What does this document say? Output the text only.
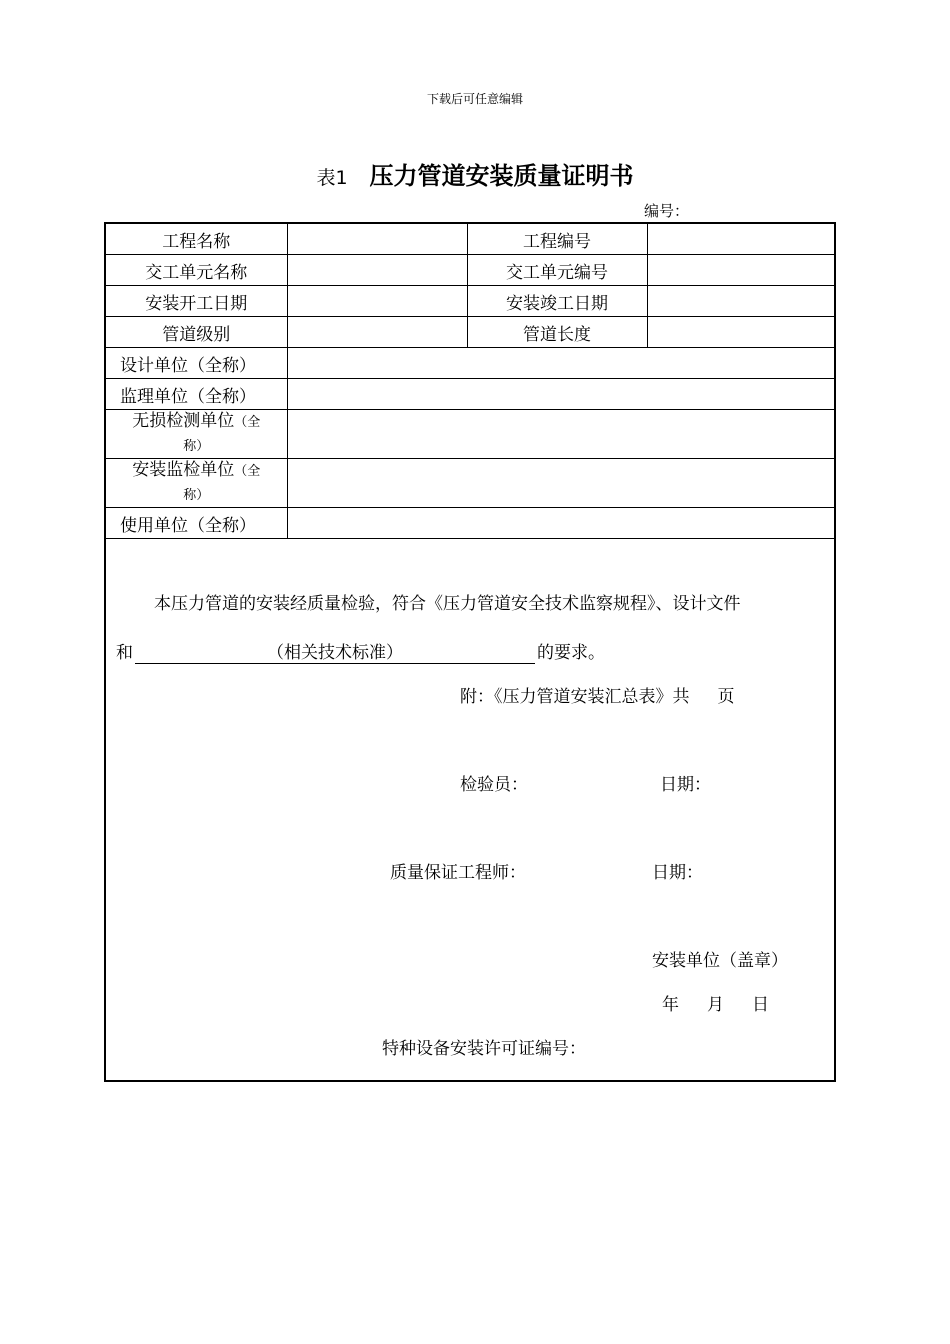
下载后可任意编辑
表1 压力管道安装质量证明书
编号：
工程名称		工程编号	
交工单元名称		交工单元编号	
安装开工日期		安装竣工日期	
管道级别		管道长度	
设计单位（全称）			
监理单位（全称）			
无损检测单位（全
称）			
安装监检单位（全
称）			
使用单位（全称）			
本压力管道的安装经质量检验，符合《压力管道安全技术监察规程》、设计文件
和	（相关技术标准）	的要求。
附：《压力管道安装汇总表》共 页
检验员：	日期：
质量保证工程师：	日期：
安装单位（盖章）
年 月 日
特种设备安装许可证编号：
